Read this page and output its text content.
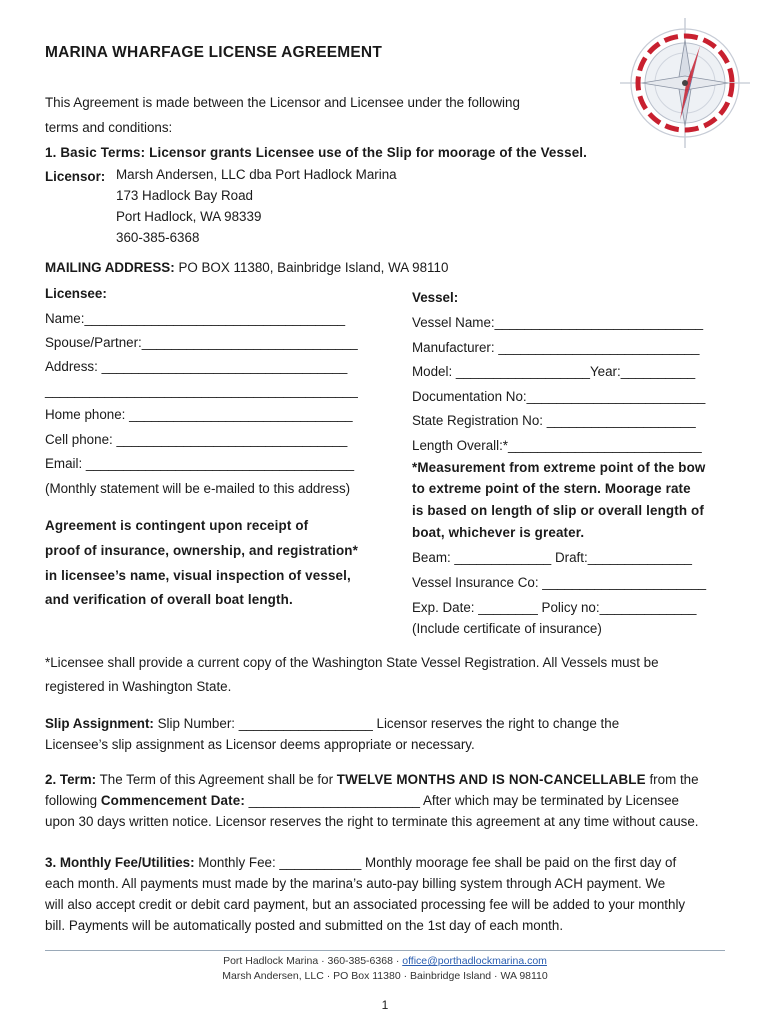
MARINA WHARFAGE LICENSE AGREEMENT
This Agreement is made between the Licensor and Licensee under the following
terms and conditions:
1. Basic Terms: Licensor grants Licensee use of the Slip for moorage of the Vessel.
Licensor: Marsh Andersen, LLC dba Port Hadlock Marina
173 Hadlock Bay Road
Port Hadlock, WA 98339
360-385-6368
MAILING ADDRESS: PO BOX 11380, Bainbridge Island, WA 98110
Licensee:
Name:___________________________________
Spouse/Partner:_____________________________
Address: _________________________________
__________________________________________
Home phone: ______________________________
Cell phone: _______________________________
Email: ____________________________________
(Monthly statement will be e-mailed to this address)
Agreement is contingent upon receipt of
proof of insurance, ownership, and registration*
in licensee’s name, visual inspection of vessel,
and verification of overall boat length.
Vessel:
Vessel Name:____________________________
Manufacturer: ___________________________
Model: __________________Year:__________
Documentation No:________________________
State Registration No: ____________________
Length Overall:*__________________________
*Measurement from extreme point of the bow
to extreme point of the stern. Moorage rate
is based on length of slip or overall length of
boat, whichever is greater.
Beam: _____________ Draft:______________
Vessel Insurance Co: ______________________
Exp. Date: ________ Policy no:_____________
(Include certificate of insurance)
*Licensee shall provide a current copy of the Washington State Vessel Registration. All Vessels must be
registered in Washington State.
Slip Assignment: Slip Number: __________________ Licensor reserves the right to change the
Licensee’s slip assignment as Licensor deems appropriate or necessary.
2. Term: The Term of this Agreement shall be for TWELVE MONTHS AND IS NON-CANCELLABLE from the
following Commencement Date: _______________________ After which may be terminated by Licensee
upon 30 days written notice. Licensor reserves the right to terminate this agreement at any time without cause.
3. Monthly Fee/Utilities: Monthly Fee: ___________ Monthly moorage fee shall be paid on the first day of
each month. All payments must made by the marina’s auto-pay billing system through ACH payment. We
will also accept credit or debit card payment, but an associated processing fee will be added to your monthly
bill. Payments will be automatically posted and submitted on the 1st day of each month.
Port Hadlock Marina · 360-385-6368 · office@porthadlockmarina.com
Marsh Andersen, LLC · PO Box 11380 · Bainbridge Island · WA 98110
1
